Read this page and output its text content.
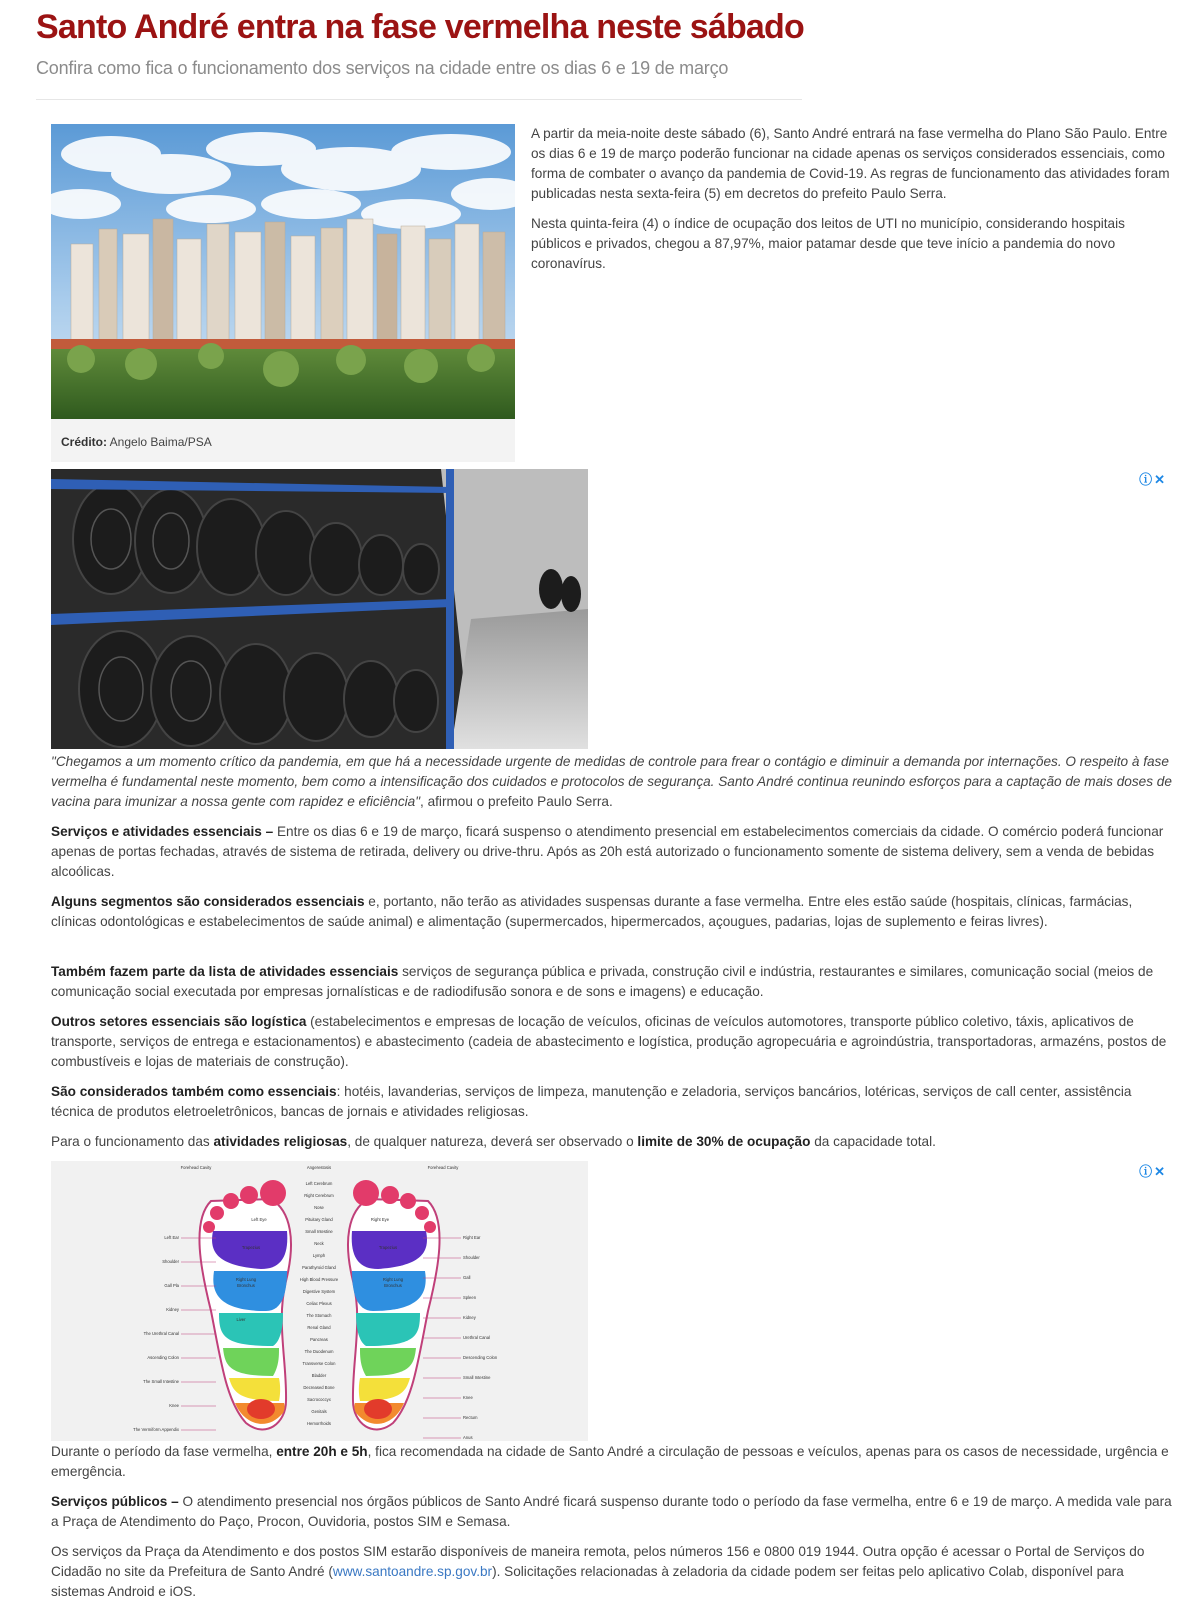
Santo André entra na fase vermelha neste sábado

Confira como fica o funcionamento dos serviços na cidade entre os dias 6 e 19 de março

Crédito: Angelo Baima/PSA

A partir da meia-noite deste sábado (6), Santo André entrará na fase vermelha do Plano São Paulo. Entre os dias 6 e 19 de março poderão funcionar na cidade apenas os serviços considerados essenciais, como forma de combater o avanço da pandemia de Covid-19. As regras de funcionamento das atividades foram publicadas nesta sexta-feira (5) em decretos do prefeito Paulo Serra.

Nesta quinta-feira (4) o índice de ocupação dos leitos de UTI no município, considerando hospitais públicos e privados, chegou a 87,97%, maior patamar desde que teve início a pandemia do novo coronavírus.

ⓘ✕
"Chegamos a um momento crítico da pandemia, em que há a necessidade urgente de medidas de controle para frear o contágio e diminuir a demanda por internações. O respeito à fase vermelha é fundamental neste momento, bem como a intensificação dos cuidados e protocolos de segurança. Santo André continua reunindo esforços para a captação de mais doses de vacina para imunizar a nossa gente com rapidez e eficiência", afirmou o prefeito Paulo Serra.

Serviços e atividades essenciais – Entre os dias 6 e 19 de março, ficará suspenso o atendimento presencial em estabelecimentos comerciais da cidade. O comércio poderá funcionar apenas de portas fechadas, através de sistema de retirada, delivery ou drive-thru. Após as 20h está autorizado o funcionamento somente de sistema delivery, sem a venda de bebidas alcoólicas.

Alguns segmentos são considerados essenciais e, portanto, não terão as atividades suspensas durante a fase vermelha. Entre eles estão saúde (hospitais, clínicas, farmácias, clínicas odontológicas e estabelecimentos de saúde animal) e alimentação (supermercados, hipermercados, açougues, padarias, lojas de suplemento e feiras livres).

Também fazem parte da lista de atividades essenciais serviços de segurança pública e privada, construção civil e indústria, restaurantes e similares, comunicação social (meios de comunicação social executada por empresas jornalísticas e de radiodifusão sonora e de sons e imagens) e educação.

Outros setores essenciais são logística (estabelecimentos e empresas de locação de veículos, oficinas de veículos automotores, transporte público coletivo, táxis, aplicativos de transporte, serviços de entrega e estacionamentos) e abastecimento (cadeia de abastecimento e logística, produção agropecuária e agroindústria, transportadoras, armazéns, postos de combustíveis e lojas de materiais de construção).

São considerados também como essenciais: hotéis, lavanderias, serviços de limpeza, manutenção e zeladoria, serviços bancários, lotéricas, serviços de call center, assistência técnica de produtos eletroeletrônicos, bancas de jornais e atividades religiosas.

Para o funcionamento das atividades religiosas, de qualquer natureza, deverá ser observado o limite de 30% de ocupação da capacidade total.

Forehead Cavity	Angerestosis	Forehead Cavity
Left Ear
Shoulder
Gall Pla
Kidney
The Urethral Canal
Ascending Colon
The Small Intestine
Knee
The Vermiform Appendix
Right Ear
Shoulder
Gall
Spleen
Kidney
Urethral Canal
Descending Colon
Small Intestine
Knee
Rectum
Anus
Left Cerebrum
Right Cerebrum
Nose
Pituitary Gland
Small Intestine
Neck
Lymph
Parathyroid Gland
High Blood Pressure
Digestive System
Celiac Plexus
The Stomach
Renal Gland
Pancreas
The Duodenum
Transverse Colon
Bladder
Decreased Bone
Sacrococcyx
Genitals
Hemorrhoids
Left Eye	Right Eye
Trapezius	Trapezius
Right Lung
Bronchus
Right Lung
Bronchus
Liver
ⓘ✕

Durante o período da fase vermelha, entre 20h e 5h, fica recomendada na cidade de Santo André a circulação de pessoas e veículos, apenas para os casos de necessidade, urgência e emergência.

Serviços públicos – O atendimento presencial nos órgãos públicos de Santo André ficará suspenso durante todo o período da fase vermelha, entre 6 e 19 de março. A medida vale para a Praça de Atendimento do Paço, Procon, Ouvidoria, postos SIM e Semasa.

Os serviços da Praça da Atendimento e dos postos SIM estarão disponíveis de maneira remota, pelos números 156 e 0800 019 1944. Outra opção é acessar o Portal de Serviços do Cidadão no site da Prefeitura de Santo André (www.santoandre.sp.gov.br). Solicitações relacionadas à zeladoria da cidade podem ser feitas pelo aplicativo Colab, disponível para sistemas Android e iOS.
